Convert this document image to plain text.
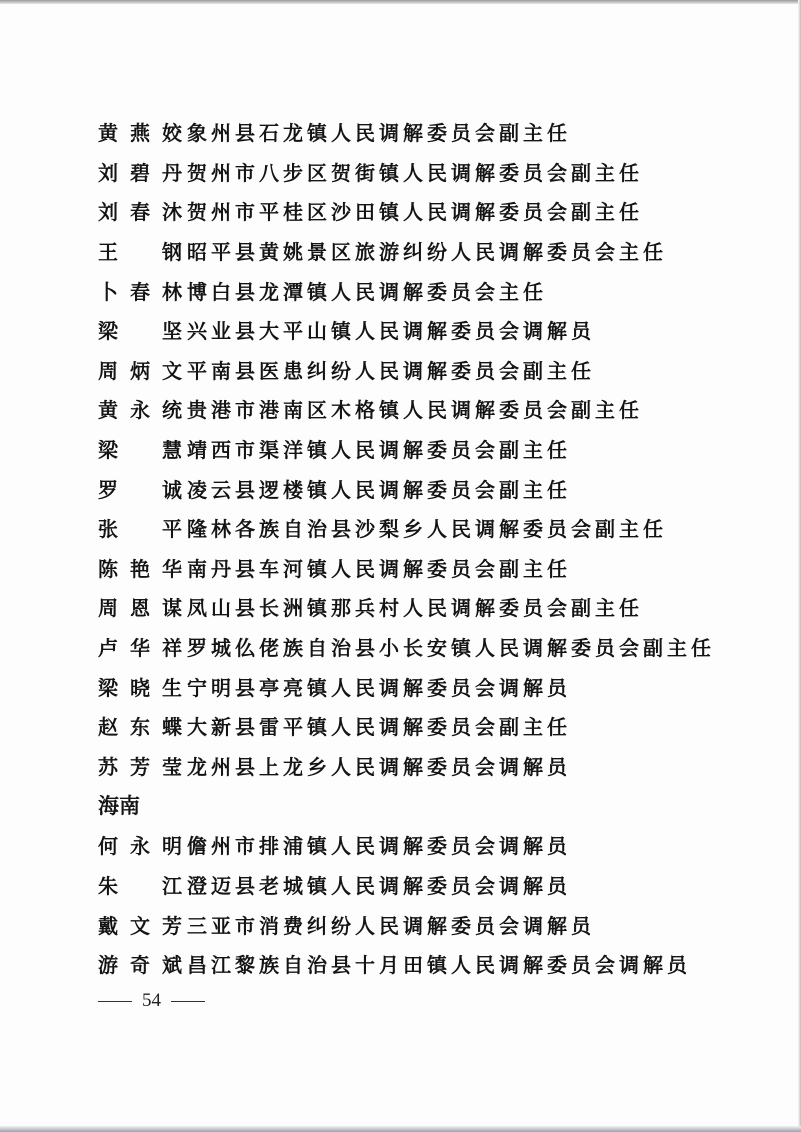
黄燕姣 象州县石龙镇人民调解委员会副主任
刘碧丹 贺州市八步区贺街镇人民调解委员会副主任
刘春沐 贺州市平桂区沙田镇人民调解委员会副主任
王钢 昭平县黄姚景区旅游纠纷人民调解委员会主任
卜春林 博白县龙潭镇人民调解委员会主任
梁坚 兴业县大平山镇人民调解委员会调解员
周炳文 平南县医患纠纷人民调解委员会副主任
黄永统 贵港市港南区木格镇人民调解委员会副主任
梁慧 靖西市渠洋镇人民调解委员会副主任
罗诚 凌云县逻楼镇人民调解委员会副主任
张平 隆林各族自治县沙梨乡人民调解委员会副主任
陈艳华 南丹县车河镇人民调解委员会副主任
周恩谋 凤山县长洲镇那兵村人民调解委员会副主任
卢华祥 罗城仫佬族自治县小长安镇人民调解委员会副主任
梁晓生 宁明县亭亮镇人民调解委员会调解员
赵东蝶 大新县雷平镇人民调解委员会副主任
苏芳莹 龙州县上龙乡人民调解委员会调解员
海南
何永明 儋州市排浦镇人民调解委员会调解员
朱江 澄迈县老城镇人民调解委员会调解员
戴文芳 三亚市消费纠纷人民调解委员会调解员
游奇斌 昌江黎族自治县十月田镇人民调解委员会调解员
54
